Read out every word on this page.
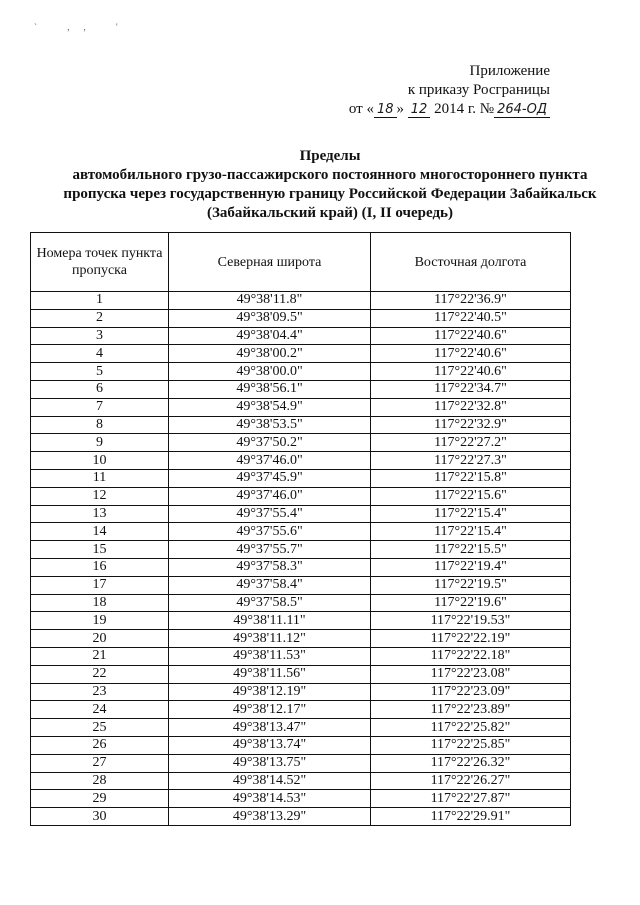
` ,, '
Приложение
к приказу Росграницы
от « 18 » 12 2014 г. № 264-ОД
Пределы
автомобильного грузо-пассажирского постоянного многостороннего пункта пропуска через государственную границу Российской Федерации Забайкальск (Забайкальский край) (I, II очередь)
Номера точек пункта пропуска	Северная широта	Восточная долгота
1	49°38'11.8"	117°22'36.9"
2	49°38'09.5"	117°22'40.5"
3	49°38'04.4"	117°22'40.6"
4	49°38'00.2"	117°22'40.6"
5	49°38'00.0"	117°22'40.6"
6	49°38'56.1"	117°22'34.7"
7	49°38'54.9"	117°22'32.8"
8	49°38'53.5"	117°22'32.9"
9	49°37'50.2"	117°22'27.2"
10	49°37'46.0"	117°22'27.3"
11	49°37'45.9"	117°22'15.8"
12	49°37'46.0"	117°22'15.6"
13	49°37'55.4"	117°22'15.4"
14	49°37'55.6"	117°22'15.4"
15	49°37'55.7"	117°22'15.5"
16	49°37'58.3"	117°22'19.4"
17	49°37'58.4"	117°22'19.5"
18	49°37'58.5"	117°22'19.6"
19	49°38'11.11"	117°22'19.53"
20	49°38'11.12"	117°22'22.19"
21	49°38'11.53"	117°22'22.18"
22	49°38'11.56"	117°22'23.08"
23	49°38'12.19"	117°22'23.09"
24	49°38'12.17"	117°22'23.89"
25	49°38'13.47"	117°22'25.82"
26	49°38'13.74"	117°22'25.85"
27	49°38'13.75"	117°22'26.32"
28	49°38'14.52"	117°22'26.27"
29	49°38'14.53"	117°22'27.87"
30	49°38'13.29"	117°22'29.91"
